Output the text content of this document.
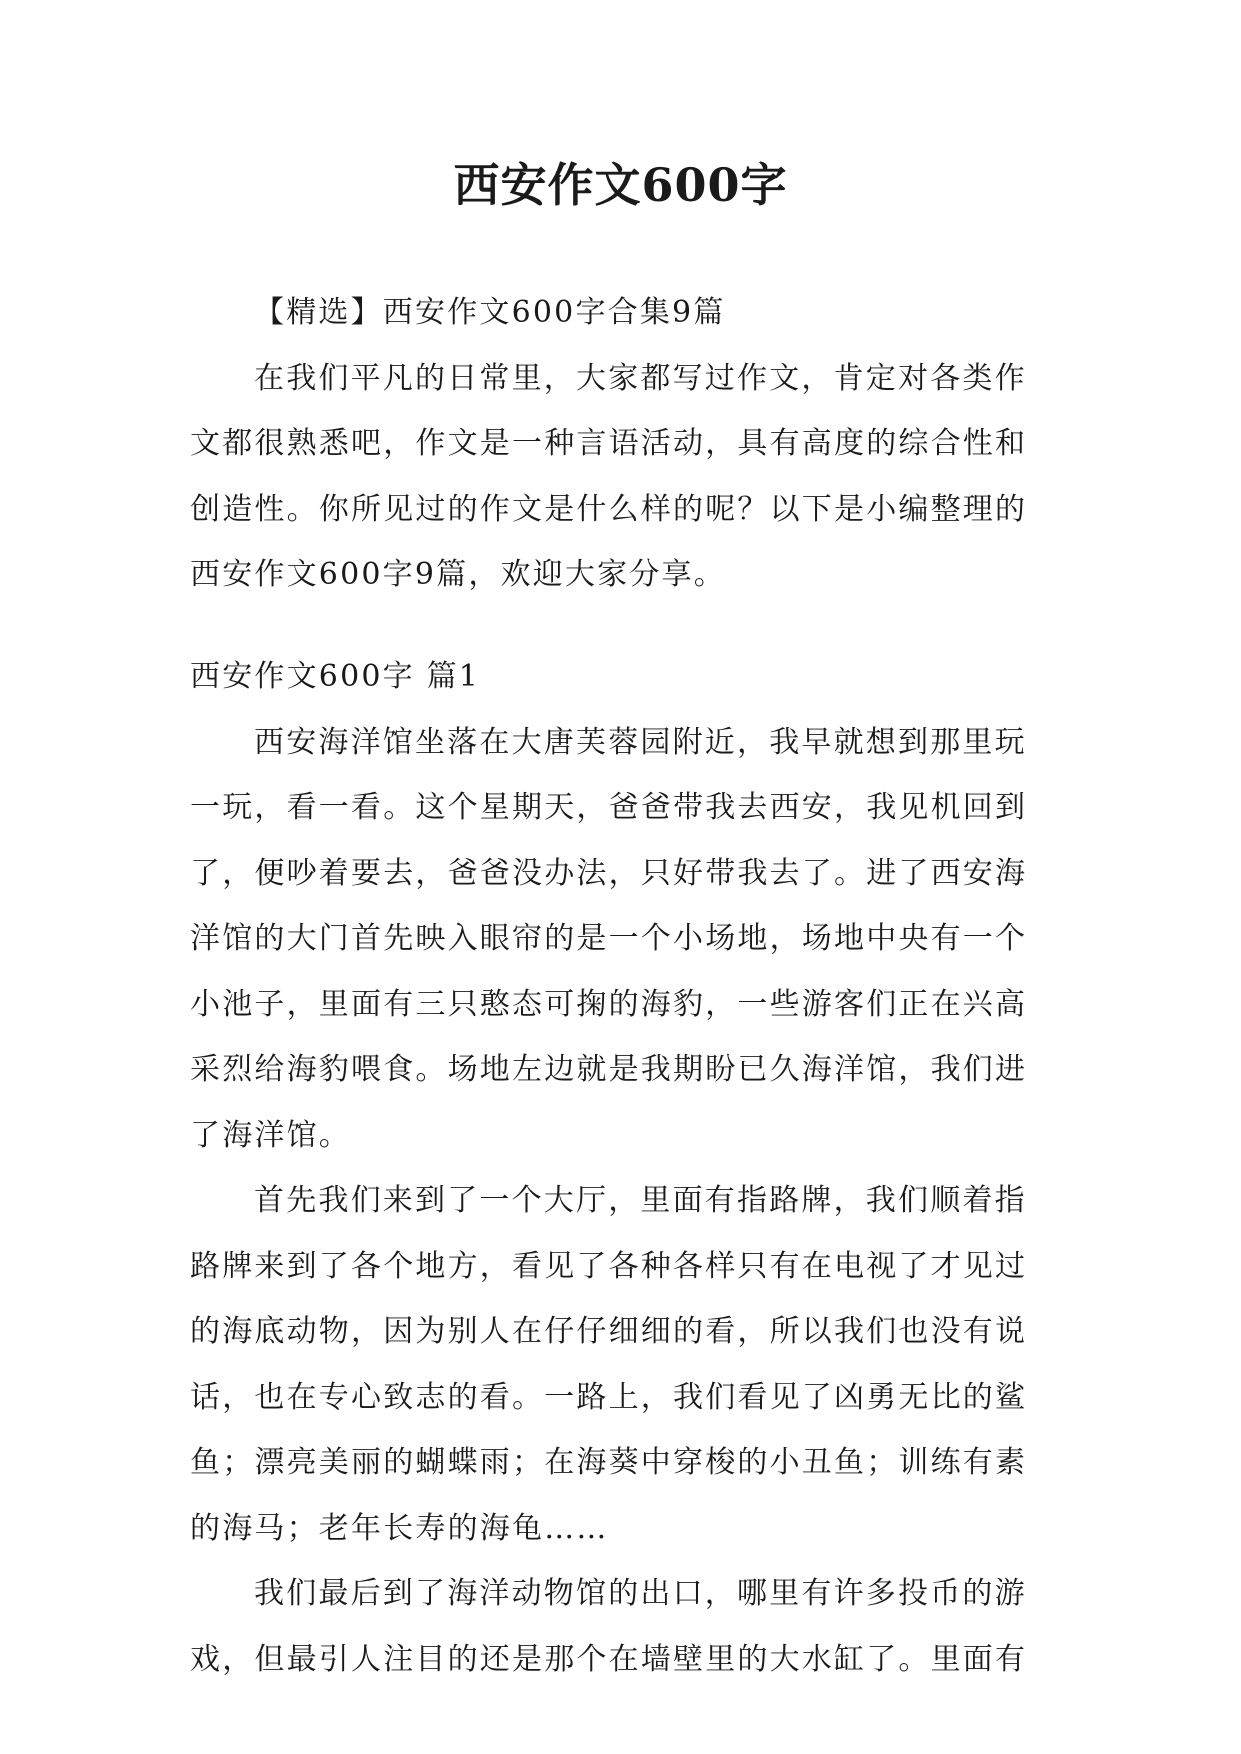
西安作文600字
【精选】西安作文600字合集9篇
在我们平凡的日常里，大家都写过作文，肯定对各类作
文都很熟悉吧，作文是一种言语活动，具有高度的综合性和
创造性。你所见过的作文是什么样的呢？以下是小编整理的
西安作文600字9篇，欢迎大家分享。
西安作文600字 篇1
西安海洋馆坐落在大唐芙蓉园附近，我早就想到那里玩
一玩，看一看。这个星期天，爸爸带我去西安，我见机回到
了，便吵着要去，爸爸没办法，只好带我去了。进了西安海
洋馆的大门首先映入眼帘的是一个小场地，场地中央有一个
小池子，里面有三只憨态可掬的海豹，一些游客们正在兴高
采烈给海豹喂食。场地左边就是我期盼已久海洋馆，我们进
了海洋馆。
首先我们来到了一个大厅，里面有指路牌，我们顺着指
路牌来到了各个地方，看见了各种各样只有在电视了才见过
的海底动物，因为别人在仔仔细细的看，所以我们也没有说
话，也在专心致志的看。一路上，我们看见了凶勇无比的鲨
鱼；漂亮美丽的蝴蝶雨；在海葵中穿梭的小丑鱼；训练有素
的海马；老年长寿的海龟……
我们最后到了海洋动物馆的出口，哪里有许多投币的游
戏，但最引人注目的还是那个在墙壁里的大水缸了。里面有
